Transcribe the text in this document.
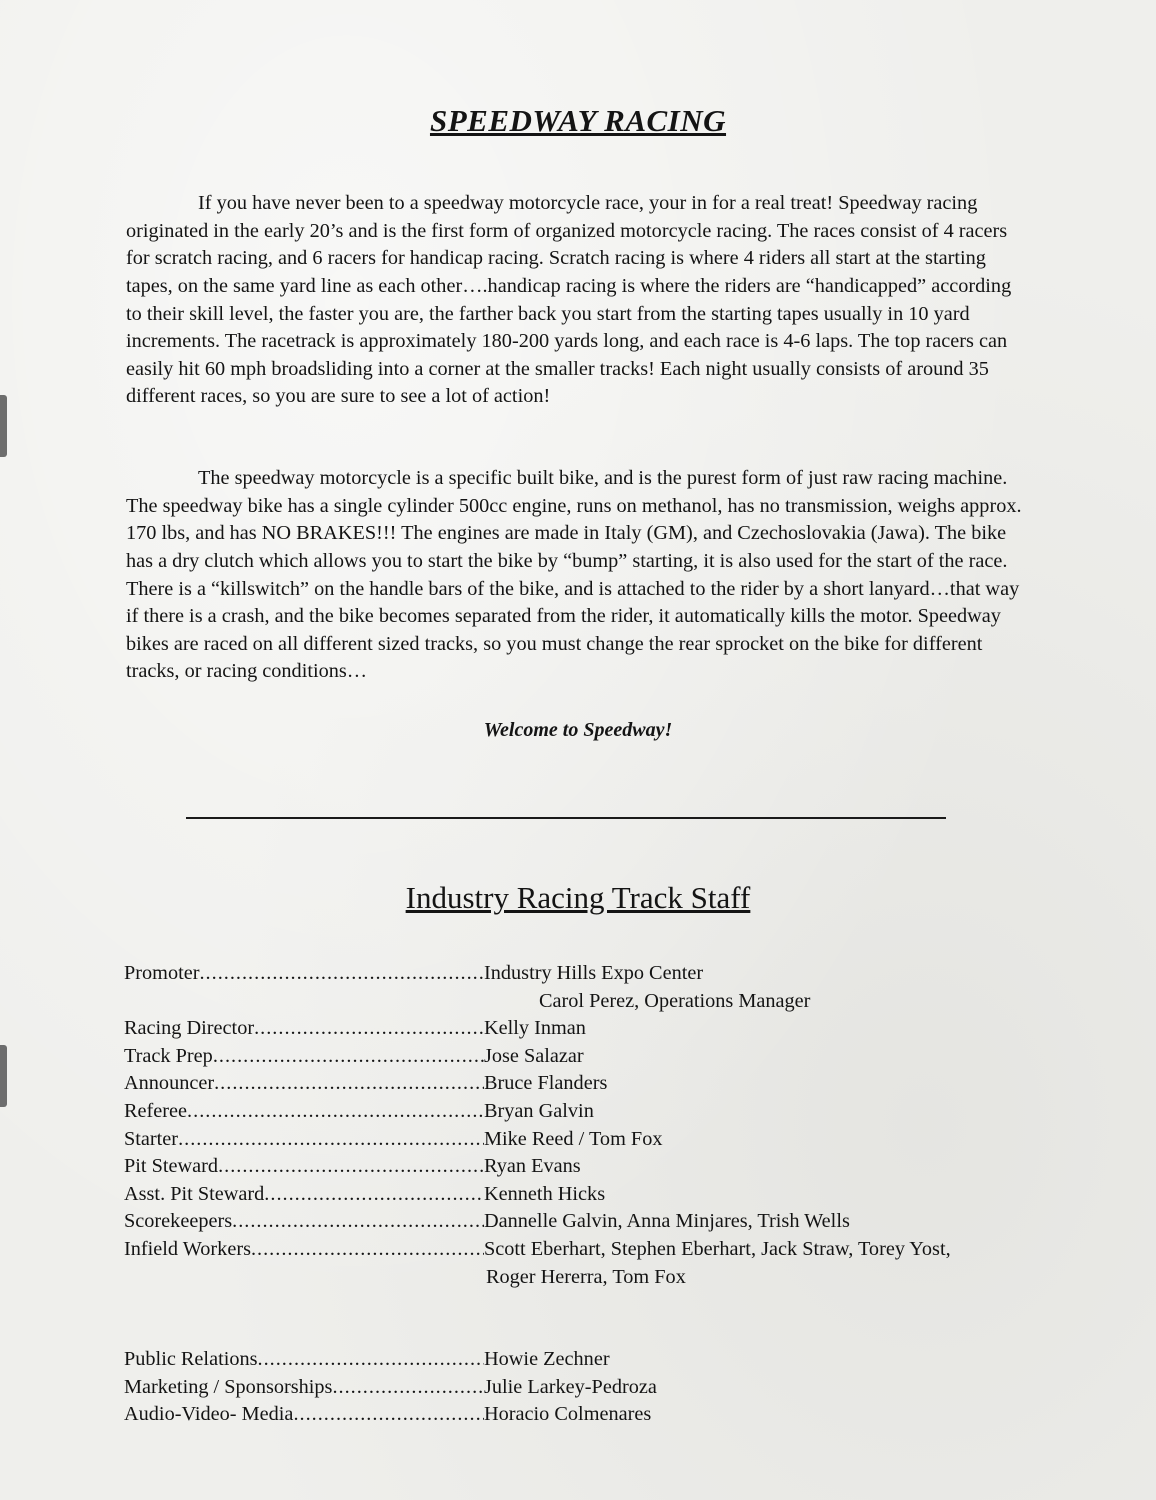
SPEEDWAY RACING

If you have never been to a speedway motorcycle race, your in for a real treat! Speedway racing originated in the early 20’s and is the first form of organized motorcycle racing. The races consist of 4 racers for scratch racing, and 6 racers for handicap racing. Scratch racing is where 4 riders all start at the starting tapes, on the same yard line as each other….handicap racing is where the riders are “handicapped” according to their skill level, the faster you are, the farther back you start from the starting tapes usually in 10 yard increments. The racetrack is approximately 180-200 yards long, and each race is 4-6 laps. The top racers can easily hit 60 mph broadsliding into a corner at the smaller tracks! Each night usually consists of around 35 different races, so you are sure to see a lot of action!

The speedway motorcycle is a specific built bike, and is the purest form of just raw racing machine. The speedway bike has a single cylinder 500cc engine, runs on methanol, has no transmission, weighs approx. 170 lbs, and has NO BRAKES!!! The engines are made in Italy (GM), and Czechoslovakia (Jawa). The bike has a dry clutch which allows you to start the bike by “bump” starting, it is also used for the start of the race. There is a “killswitch” on the handle bars of the bike, and is attached to the rider by a short lanyard…that way if there is a crash, and the bike becomes separated from the rider, it automatically kills the motor. Speedway bikes are raced on all different sized tracks, so you must change the rear sprocket on the bike for different tracks, or racing conditions…

Welcome to Speedway!
Industry Racing Track Staff
Promoter .....	Industry Hills Expo Center
Carol Perez, Operations Manager
Racing Director .....	Kelly Inman
Track Prep .....	Jose Salazar
Announcer .....	Bruce Flanders
Referee .....	Bryan Galvin
Starter .....	Mike Reed / Tom Fox
Pit Steward .....	Ryan Evans
Asst. Pit Steward .....	Kenneth Hicks
Scorekeepers .....	Dannelle Galvin, Anna Minjares, Trish Wells
Infield Workers .....	Scott Eberhart, Stephen Eberhart, Jack Straw, Torey Yost,
Roger Hererra, Tom Fox
Public Relations .....	Howie Zechner
Marketing / Sponsorships .....	Julie Larkey-Pedroza
Audio-Video- Media .....	Horacio Colmenares
